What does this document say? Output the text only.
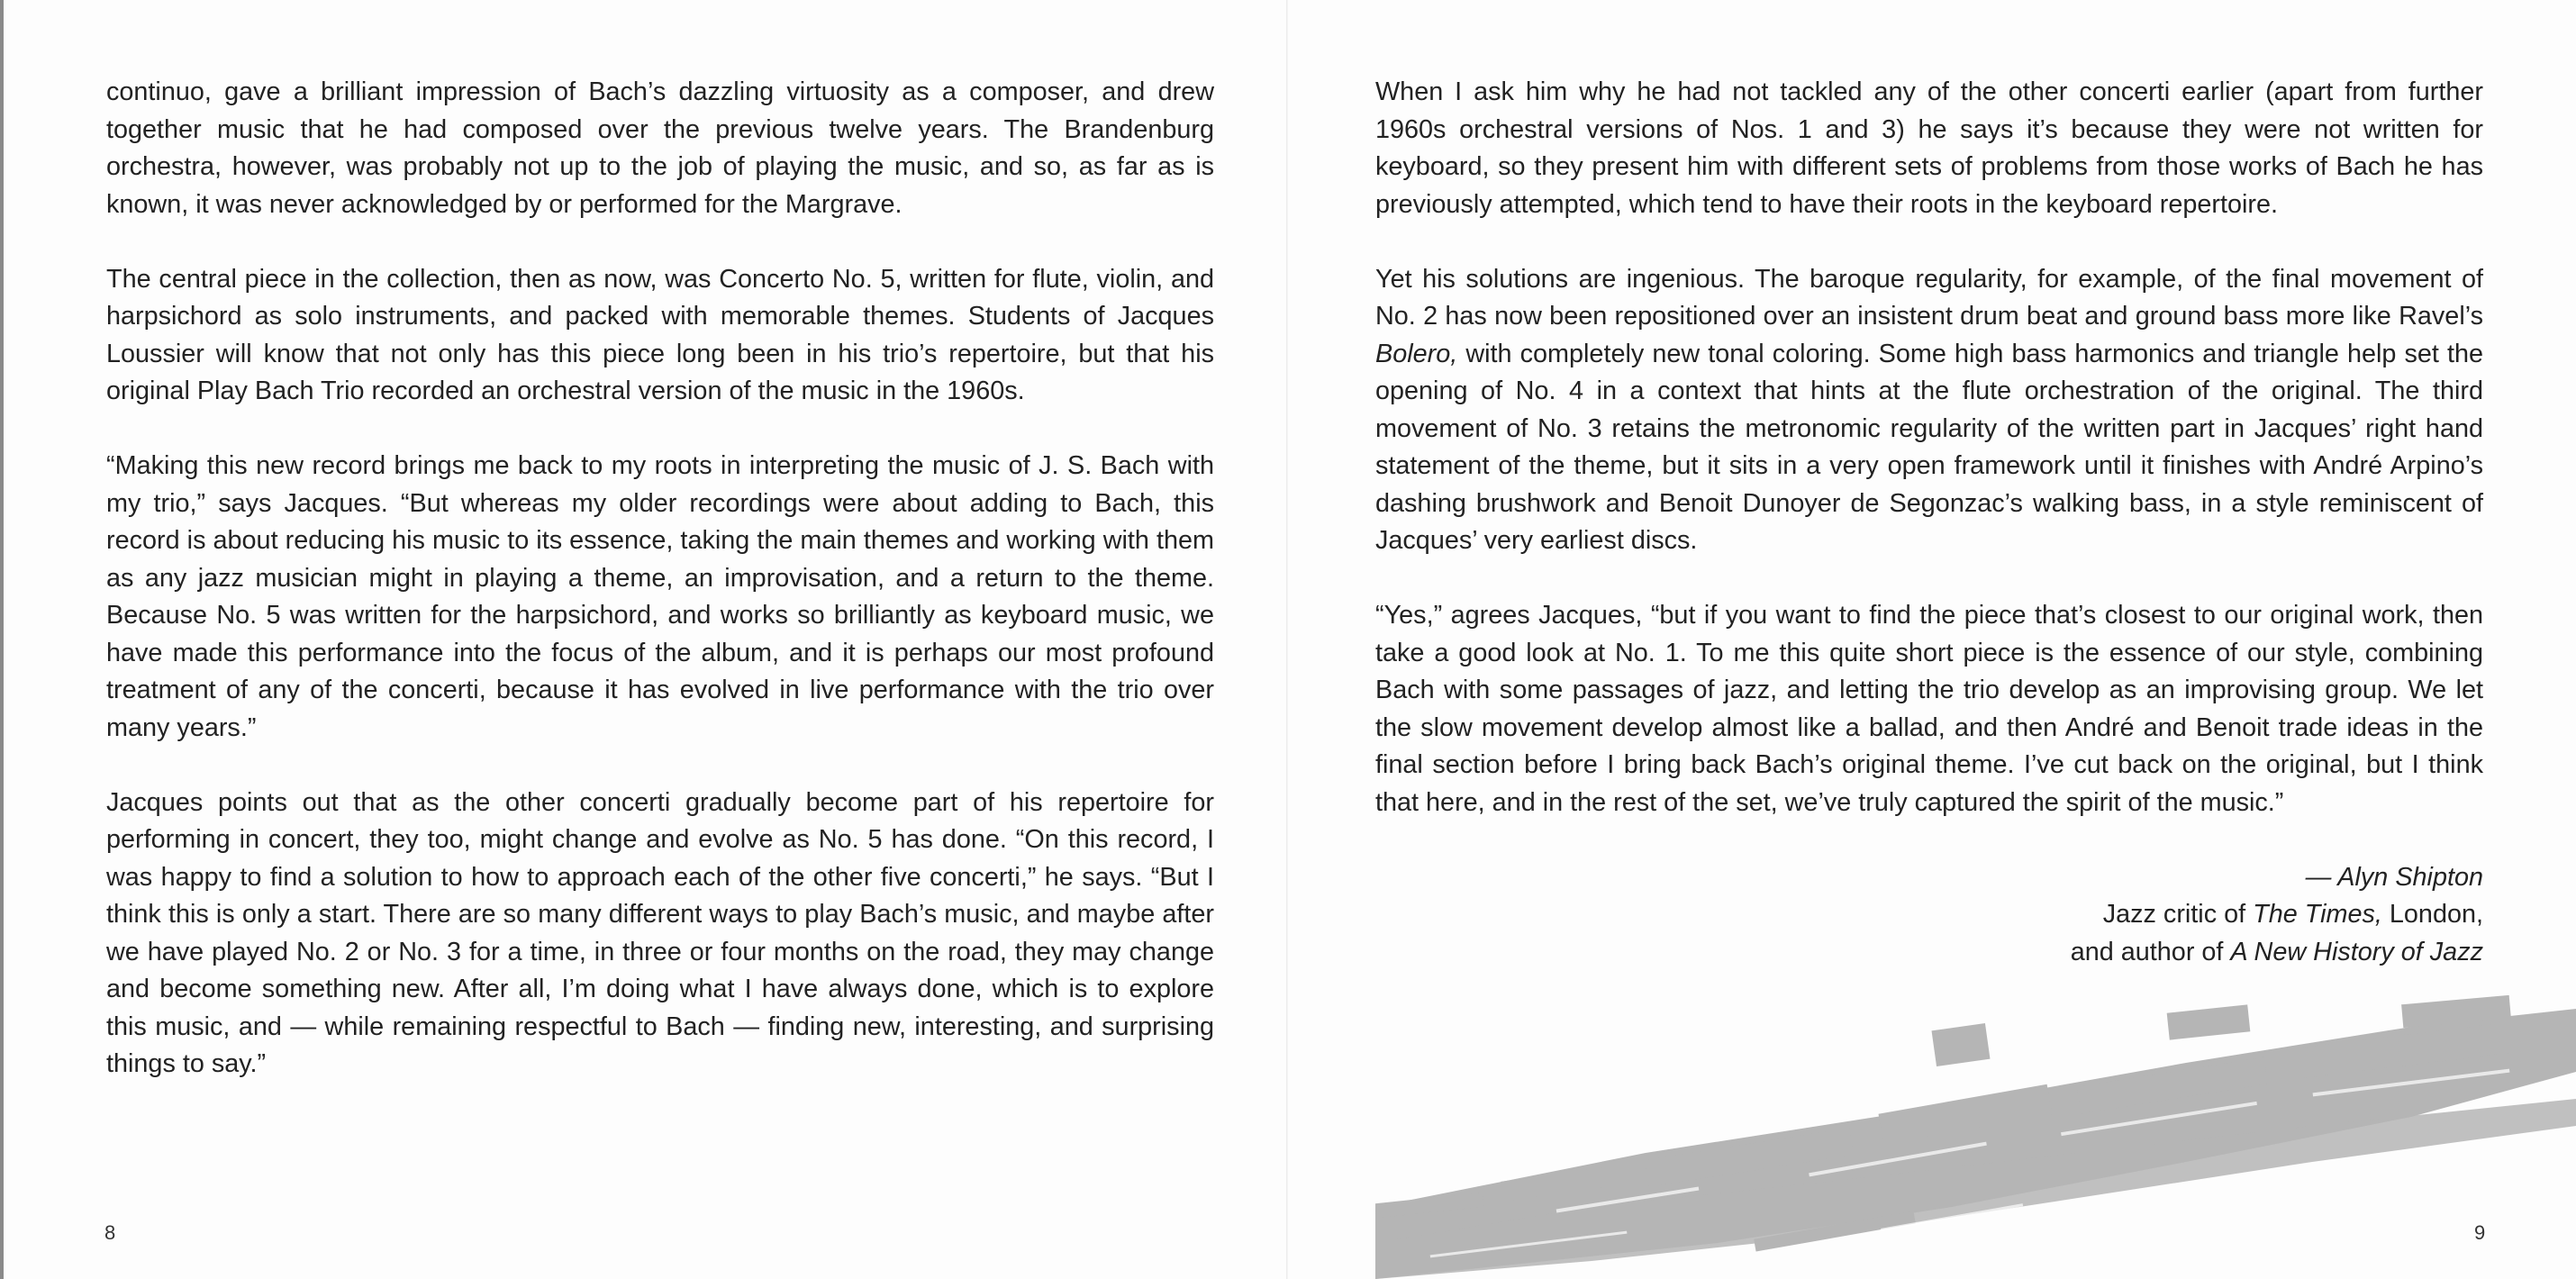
continuo, gave a brilliant impression of Bach’s dazzling virtuosity as a composer, and drew together music that he had composed over the previous twelve years. The Brandenburg orchestra, however, was probably not up to the job of playing the music, and so, as far as is known, it was never acknowledged by or performed for the Margrave.

The central piece in the collection, then as now, was Concerto No. 5, written for flute, violin, and harpsichord as solo instruments, and packed with memorable themes. Students of Jacques Loussier will know that not only has this piece long been in his trio’s repertoire, but that his original Play Bach Trio recorded an orchestral version of the music in the 1960s.

“Making this new record brings me back to my roots in interpreting the music of J. S. Bach with my trio,” says Jacques. “But whereas my older recordings were about adding to Bach, this record is about reducing his music to its essence, taking the main themes and working with them as any jazz musician might in playing a theme, an improvisation, and a return to the theme. Because No. 5 was written for the harpsichord, and works so brilliantly as keyboard music, we have made this performance into the focus of the album, and it is perhaps our most profound treatment of any of the concerti, because it has evolved in live performance with the trio over many years.”

Jacques points out that as the other concerti gradually become part of his repertoire for performing in concert, they too, might change and evolve as No. 5 has done. “On this record, I was happy to find a solution to how to approach each of the other five concerti,” he says. “But I think this is only a start. There are so many different ways to play Bach’s music, and maybe after we have played No. 2 or No. 3 for a time, in three or four months on the road, they may change and become something new. After all, I’m doing what I have always done, which is to explore this music, and — while remaining respectful to Bach — finding new, interesting, and surprising things to say.”

8

When I ask him why he had not tackled any of the other concerti earlier (apart from further 1960s orchestral versions of Nos. 1 and 3) he says it’s because they were not written for keyboard, so they present him with different sets of problems from those works of Bach he has previously attempted, which tend to have their roots in the keyboard repertoire.

Yet his solutions are ingenious. The baroque regularity, for example, of the final movement of No. 2 has now been repositioned over an insistent drum beat and ground bass more like Ravel’s Bolero, with completely new tonal coloring. Some high bass harmonics and triangle help set the opening of No. 4 in a context that hints at the flute orchestration of the original. The third movement of No. 3 retains the metronomic regularity of the written part in Jacques’ right hand statement of the theme, but it sits in a very open framework until it finishes with André Arpino’s dashing brushwork and Benoit Dunoyer de Segonzac’s walking bass, in a style reminiscent of Jacques’ very earliest discs.

“Yes,” agrees Jacques, “but if you want to find the piece that’s closest to our original work, then take a good look at No. 1. To me this quite short piece is the essence of our style, combining Bach with some passages of jazz, and letting the trio develop as an improvising group. We let the slow movement develop almost like a ballad, and then André and Benoit trade ideas in the final section before I bring back Bach’s original theme. I’ve cut back on the original, but I think that here, and in the rest of the set, we’ve truly captured the spirit of the music.”

— Alyn Shipton
Jazz critic of The Times, London,
and author of A New History of Jazz
9
